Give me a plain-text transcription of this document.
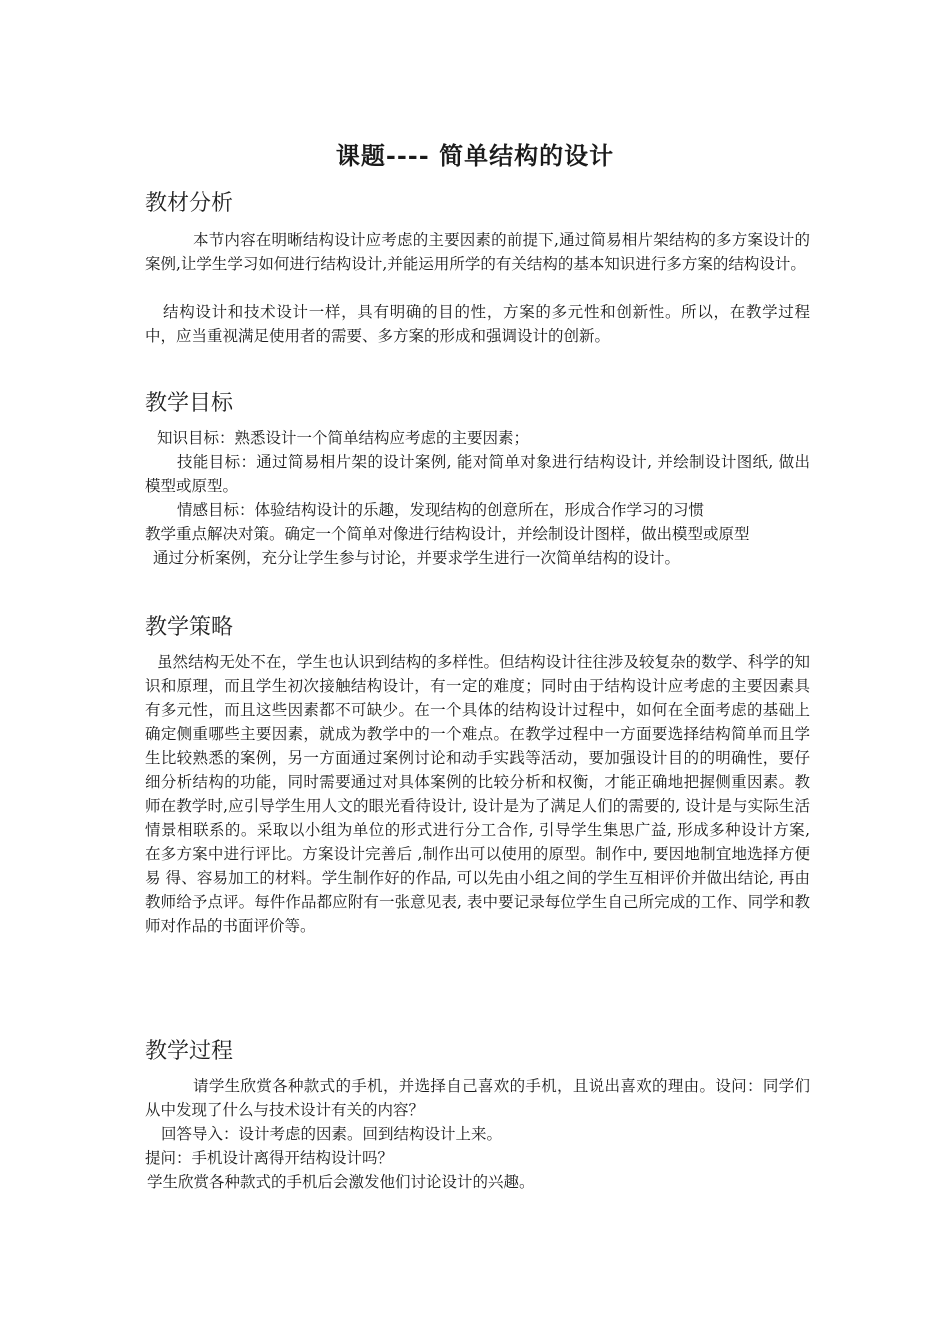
课题---- 简单结构的设计
教材分析

本节内容在明晰结构设计应考虑的主要因素的前提下,通过简易相片架结构的多方案设计的案例,让学生学习如何进行结构设计,并能运用所学的有关结构的基本知识进行多方案的结构设计。

结构设计和技术设计一样，具有明确的目的性，方案的多元性和创新性。所以，在教学过程中，应当重视满足使用者的需要、多方案的形成和强调设计的创新。

教学目标

知识目标：熟悉设计一个简单结构应考虑的主要因素；

技能目标：通过简易相片架的设计案例, 能对简单对象进行结构设计, 并绘制设计图纸, 做出模型或原型。

情感目标：体验结构设计的乐趣，发现结构的创意所在，形成合作学习的习惯

教学重点解决对策。确定一个简单对像进行结构设计，并绘制设计图样，做出模型或原型

通过分析案例，充分让学生参与讨论，并要求学生进行一次简单结构的设计。

教学策略

虽然结构无处不在，学生也认识到结构的多样性。但结构设计往往涉及较复杂的数学、科学的知识和原理，而且学生初次接触结构设计，有一定的难度；同时由于结构设计应考虑的主要因素具有多元性，而且这些因素都不可缺少。在一个具体的结构设计过程中，如何在全面考虑的基础上确定侧重哪些主要因素，就成为教学中的一个难点。在教学过程中一方面要选择结构简单而且学生比较熟悉的案例，另一方面通过案例讨论和动手实践等活动，要加强设计目的的明确性，要仔细分析结构的功能，同时需要通过对具体案例的比较分析和权衡，才能正确地把握侧重因素。教师在教学时,应引导学生用人文的眼光看待设计, 设计是为了满足人们的需要的, 设计是与实际生活情景相联系的。采取以小组为单位的形式进行分工合作, 引导学生集思广益, 形成多种设计方案, 在多方案中进行评比。方案设计完善后 ,制作出可以使用的原型。制作中, 要因地制宜地选择方便易 得、容易加工的材料。学生制作好的作品, 可以先由小组之间的学生互相评价并做出结论, 再由教师给予点评。每件作品都应附有一张意见表, 表中要记录每位学生自己所完成的工作、同学和教师对作品的书面评价等。

教学过程

请学生欣赏各种款式的手机，并选择自己喜欢的手机，且说出喜欢的理由。设问：同学们从中发现了什么与技术设计有关的内容？

回答导入：设计考虑的因素。回到结构设计上来。

提问：手机设计离得开结构设计吗？

学生欣赏各种款式的手机后会激发他们讨论设计的兴趣。
